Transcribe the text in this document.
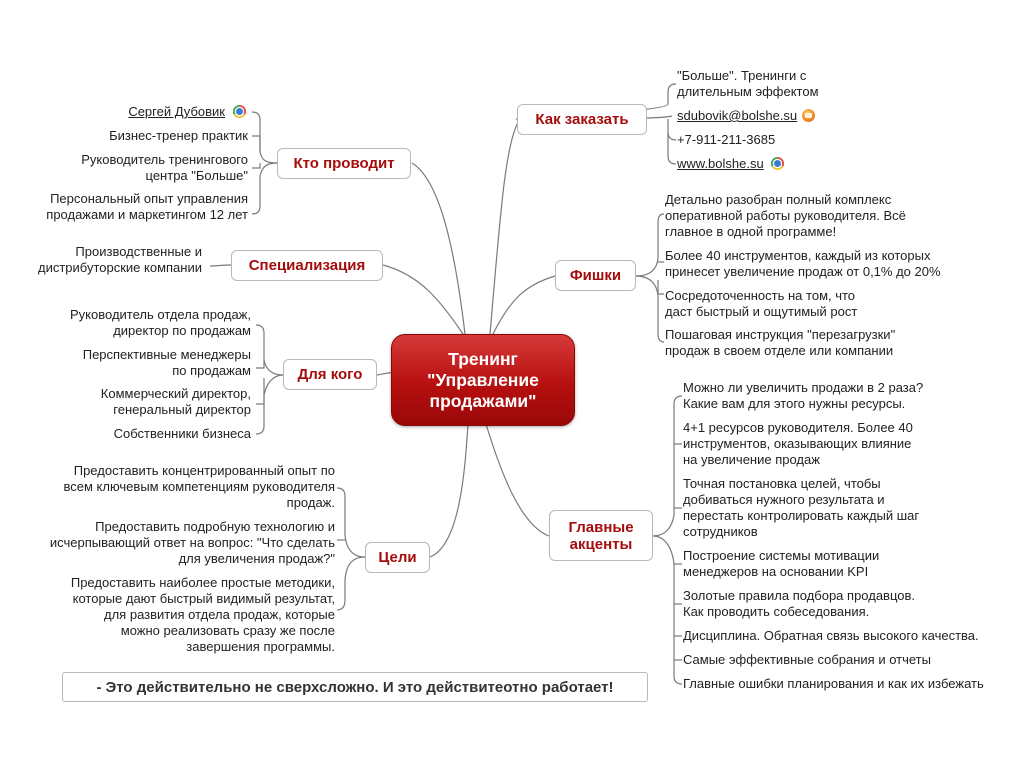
Тренинг
"Управление
продажами"
Кто проводит
Сергей Дубовик
Бизнес-тренер практик
Руководитель тренингового
центра "Больше"
Персональный опыт управления
продажами и маркетингом 12 лет
Специализация
Производственные и
дистрибуторские компании
Для кого
Руководитель отдела продаж,
директор по продажам
Перспективные менеджеры
по продажам
Коммерческий директор,
генеральный директор
Собственники бизнеса
Цели
Предоставить концентрированный опыт по
всем ключевым компетенциям руководителя
продаж.
Предоставить подробную технологию и
исчерпывающий ответ на вопрос: "Что сделать
для увеличения продаж?"
Предоставить наиболее простые методики,
которые дают быстрый видимый результат,
для развития отдела продаж, которые
можно реализовать сразу же после
завершения программы.
Как заказать
"Больше". Тренинги с
длительным эффектом
sdubovik@bolshe.su
+7-911-211-3685
www.bolshe.su
Фишки
Детально разобран полный комплекс
оперативной работы руководителя. Всё
главное в одной программе!
Более 40 инструментов, каждый из которых
принесет увеличение продаж от 0,1% до 20%
Сосредоточенность на том, что
даст быстрый и ощутимый рост
Пошаговая инструкция "перезагрузки"
продаж в своем отделе или компании
Главные
акценты
Можно ли увеличить продажи в 2 раза?
Какие вам для этого нужны ресурсы.
4+1 ресурсов руководителя. Более 40
инструментов, оказывающих влияние
на увеличение продаж
Точная постановка целей, чтобы
добиваться нужного результата и
перестать контролировать каждый шаг
сотрудников
Построение системы мотивации
менеджеров на основании KPI
Золотые правила подбора продавцов.
Как проводить собеседования.
Дисциплина. Обратная связь высокого качества.
Самые эффективные собрания и отчеты
Главные ошибки планирования и как их избежать
- Это действительно не сверхсложно. И это действитеотно работает!
